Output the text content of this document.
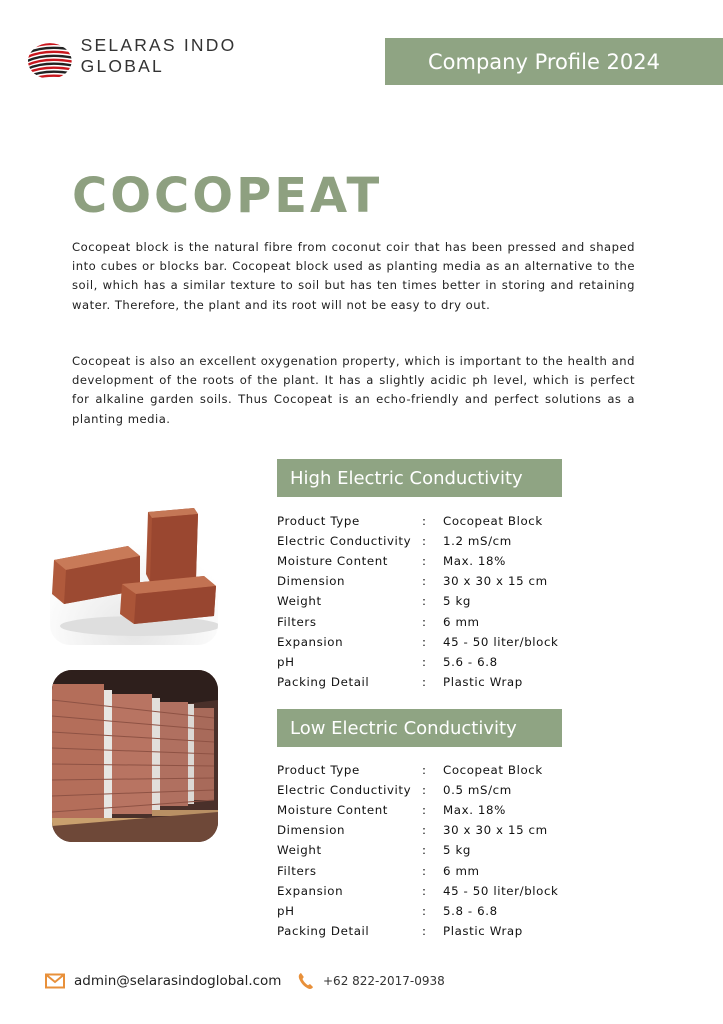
SELARAS INDO GLOBAL	Company Profile 2024
COCOPEAT

Cocopeat block is the natural fibre from coconut coir that has been pressed and shaped into cubes or blocks bar. Cocopeat block used as planting media as an alternative to the soil, which has a similar texture to soil but has ten times better in storing and retaining water. Therefore, the plant and its root will not be easy to dry out.

Cocopeat is also an excellent oxygenation property, which is important to the health and development of the roots of the plant. It has a slightly acidic ph level, which is perfect for alkaline garden soils. Thus Cocopeat is an echo-friendly and perfect solutions as a planting media.

High Electric Conductivity
Product Type	:	Cocopeat Block
Electric Conductivity :	1.2 mS/cm
Moisture Content	:	Max. 18%
Dimension	:	30 x 30 x 15 cm
Weight	:	5 kg
Filters	:	6 mm
Expansion	:	45 - 50 liter/block
pH	:	5.6 - 6.8
Packing Detail	:	Plastic Wrap
Low Electric Conductivity
Product Type	:	Cocopeat Block
Electric Conductivity :	0.5 mS/cm
Moisture Content	:	Max. 18%
Dimension	:	30 x 30 x 15 cm
Weight	:	5 kg
Filters	:	6 mm
Expansion	:	45 - 50 liter/block
pH	:	5.8 - 6.8
Packing Detail	:	Plastic Wrap
admin@selarasindoglobal.com	+62 822-2017-0938
